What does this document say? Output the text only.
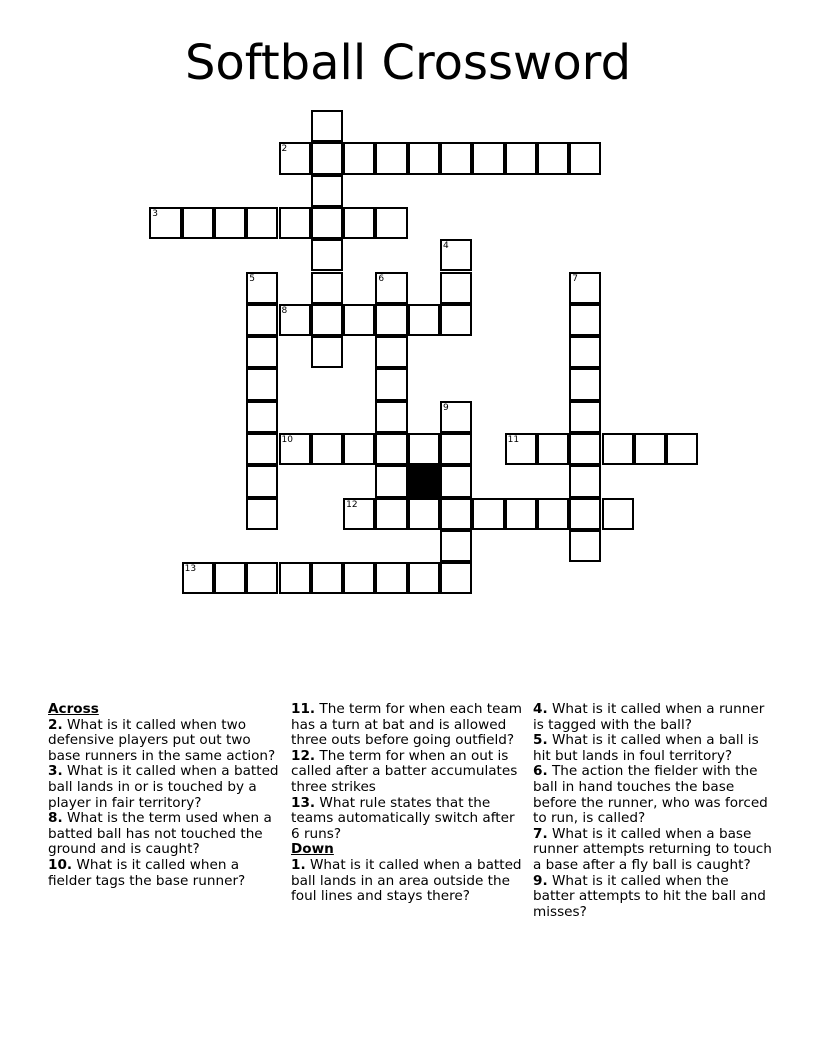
Softball Crossword
2
3
4
5	6	7
8
9
10	11
12
13
Across
2. What is it called when two defensive players put out two base runners in the same action?
3. What is it called when a batted ball lands in or is touched by a player in fair territory?
8. What is the term used when a batted ball has not touched the ground and is caught?
10. What is it called when a fielder tags the base runner?
11. The term for when each team has a turn at bat and is allowed three outs before going outfield?
12. The term for when an out is called after a batter accumulates three strikes
13. What rule states that the teams automatically switch after 6 runs?
Down
1. What is it called when a batted ball lands in an area outside the foul lines and stays there?
4. What is it called when a runner is tagged with the ball?
5. What is it called when a ball is hit but lands in foul territory?
6. The action the fielder with the ball in hand touches the base before the runner, who was forced to run, is called?
7. What is it called when a base runner attempts returning to touch a base after a fly ball is caught?
9. What is it called when the batter attempts to hit the ball and misses?
